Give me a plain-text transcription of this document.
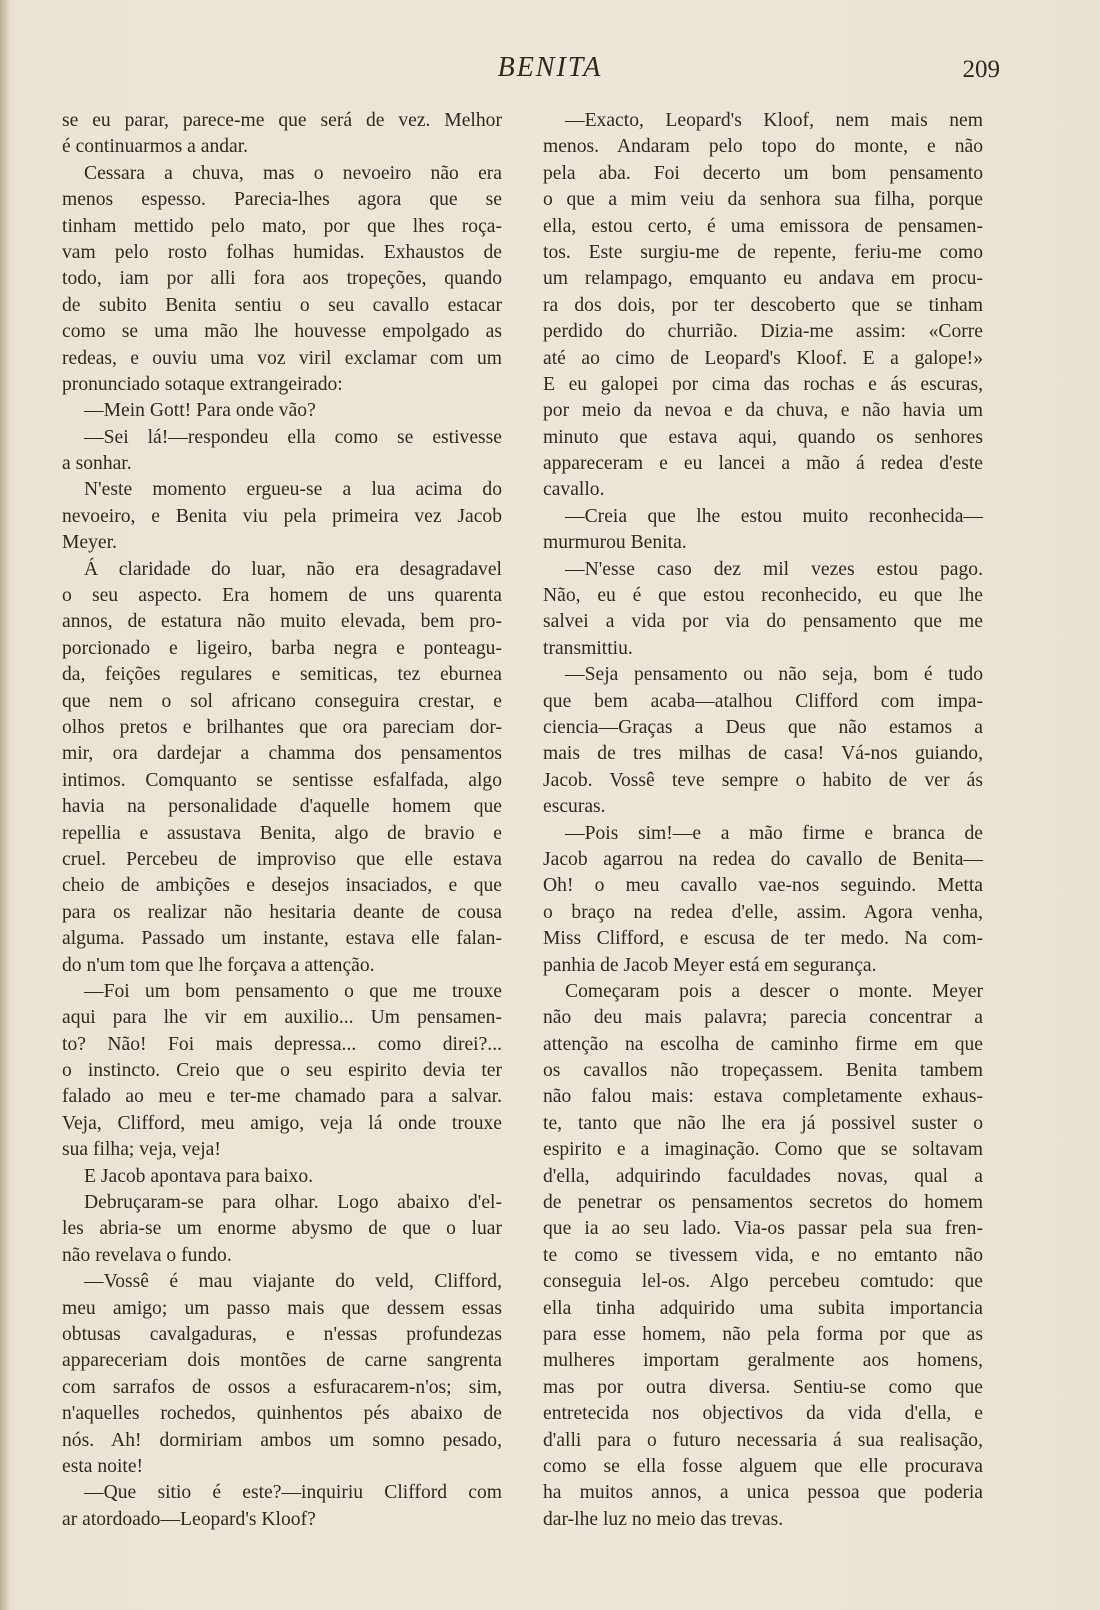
BENITA	209
se eu parar, parece-me que será de vez. Melhor
é continuarmos a andar.
Cessara a chuva, mas o nevoeiro não era
menos espesso. Parecia-lhes agora que se
tinham mettido pelo mato, por que lhes roça-
vam pelo rosto folhas humidas. Exhaustos de
todo, iam por alli fora aos tropeções, quando
de subito Benita sentiu o seu cavallo estacar
como se uma mão lhe houvesse empolgado as
redeas, e ouviu uma voz viril exclamar com um
pronunciado sotaque extrangeirado:
—Mein Gott! Para onde vão?
—Sei lá!—respondeu ella como se estivesse
a sonhar.
N'este momento ergueu-se a lua acima do
nevoeiro, e Benita viu pela primeira vez Jacob
Meyer.
Á claridade do luar, não era desagradavel
o seu aspecto. Era homem de uns quarenta
annos, de estatura não muito elevada, bem pro-
porcionado e ligeiro, barba negra e ponteagu-
da, feições regulares e semiticas, tez eburnea
que nem o sol africano conseguira crestar, e
olhos pretos e brilhantes que ora pareciam dor-
mir, ora dardejar a chamma dos pensamentos
intimos. Comquanto se sentisse esfalfada, algo
havia na personalidade d'aquelle homem que
repellia e assustava Benita, algo de bravio e
cruel. Percebeu de improviso que elle estava
cheio de ambições e desejos insaciados, e que
para os realizar não hesitaria deante de cousa
alguma. Passado um instante, estava elle falan-
do n'um tom que lhe forçava a attenção.
—Foi um bom pensamento o que me trouxe
aqui para lhe vir em auxilio... Um pensamen-
to? Não! Foi mais depressa... como direi?...
o instincto. Creio que o seu espirito devia ter
falado ao meu e ter-me chamado para a salvar.
Veja, Clifford, meu amigo, veja lá onde trouxe
sua filha; veja, veja!
E Jacob apontava para baixo.
Debruçaram-se para olhar. Logo abaixo d'el-
les abria-se um enorme abysmo de que o luar
não revelava o fundo.
—Vossê é mau viajante do veld, Clifford,
meu amigo; um passo mais que dessem essas
obtusas cavalgaduras, e n'essas profundezas
appareceriam dois montões de carne sangrenta
com sarrafos de ossos a esfuracarem-n'os; sim,
n'aquelles rochedos, quinhentos pés abaixo de
nós. Ah! dormiriam ambos um somno pesado,
esta noite!
—Que sitio é este?—inquiriu Clifford com
ar atordoado—Leopard's Kloof?
—Exacto, Leopard's Kloof, nem mais nem
menos. Andaram pelo topo do monte, e não
pela aba. Foi decerto um bom pensamento
o que a mim veiu da senhora sua filha, porque
ella, estou certo, é uma emissora de pensamen-
tos. Este surgiu-me de repente, feriu-me como
um relampago, emquanto eu andava em procu-
ra dos dois, por ter descoberto que se tinham
perdido do churrião. Dizia-me assim: «Corre
até ao cimo de Leopard's Kloof. E a galope!»
E eu galopei por cima das rochas e ás escuras,
por meio da nevoa e da chuva, e não havia um
minuto que estava aqui, quando os senhores
appareceram e eu lancei a mão á redea d'este
cavallo.
—Creia que lhe estou muito reconhecida—
murmurou Benita.
—N'esse caso dez mil vezes estou pago.
Não, eu é que estou reconhecido, eu que lhe
salvei a vida por via do pensamento que me
transmittiu.
—Seja pensamento ou não seja, bom é tudo
que bem acaba—atalhou Clifford com impa-
ciencia—Graças a Deus que não estamos a
mais de tres milhas de casa! Vá-nos guiando,
Jacob. Vossê teve sempre o habito de ver ás
escuras.
—Pois sim!—e a mão firme e branca de
Jacob agarrou na redea do cavallo de Benita—
Oh! o meu cavallo vae-nos seguindo. Metta
o braço na redea d'elle, assim. Agora venha,
Miss Clifford, e escusa de ter medo. Na com-
panhia de Jacob Meyer está em segurança.
Começaram pois a descer o monte. Meyer
não deu mais palavra; parecia concentrar a
attenção na escolha de caminho firme em que
os cavallos não tropeçassem. Benita tambem
não falou mais: estava completamente exhaus-
te, tanto que não lhe era já possivel suster o
espirito e a imaginação. Como que se soltavam
d'ella, adquirindo faculdades novas, qual a
de penetrar os pensamentos secretos do homem
que ia ao seu lado. Via-os passar pela sua fren-
te como se tivessem vida, e no emtanto não
conseguia lel-os. Algo percebeu comtudo: que
ella tinha adquirido uma subita importancia
para esse homem, não pela forma por que as
mulheres importam geralmente aos homens,
mas por outra diversa. Sentiu-se como que
entretecida nos objectivos da vida d'ella, e
d'alli para o futuro necessaria á sua realisação,
como se ella fosse alguem que elle procurava
ha muitos annos, a unica pessoa que poderia
dar-lhe luz no meio das trevas.
